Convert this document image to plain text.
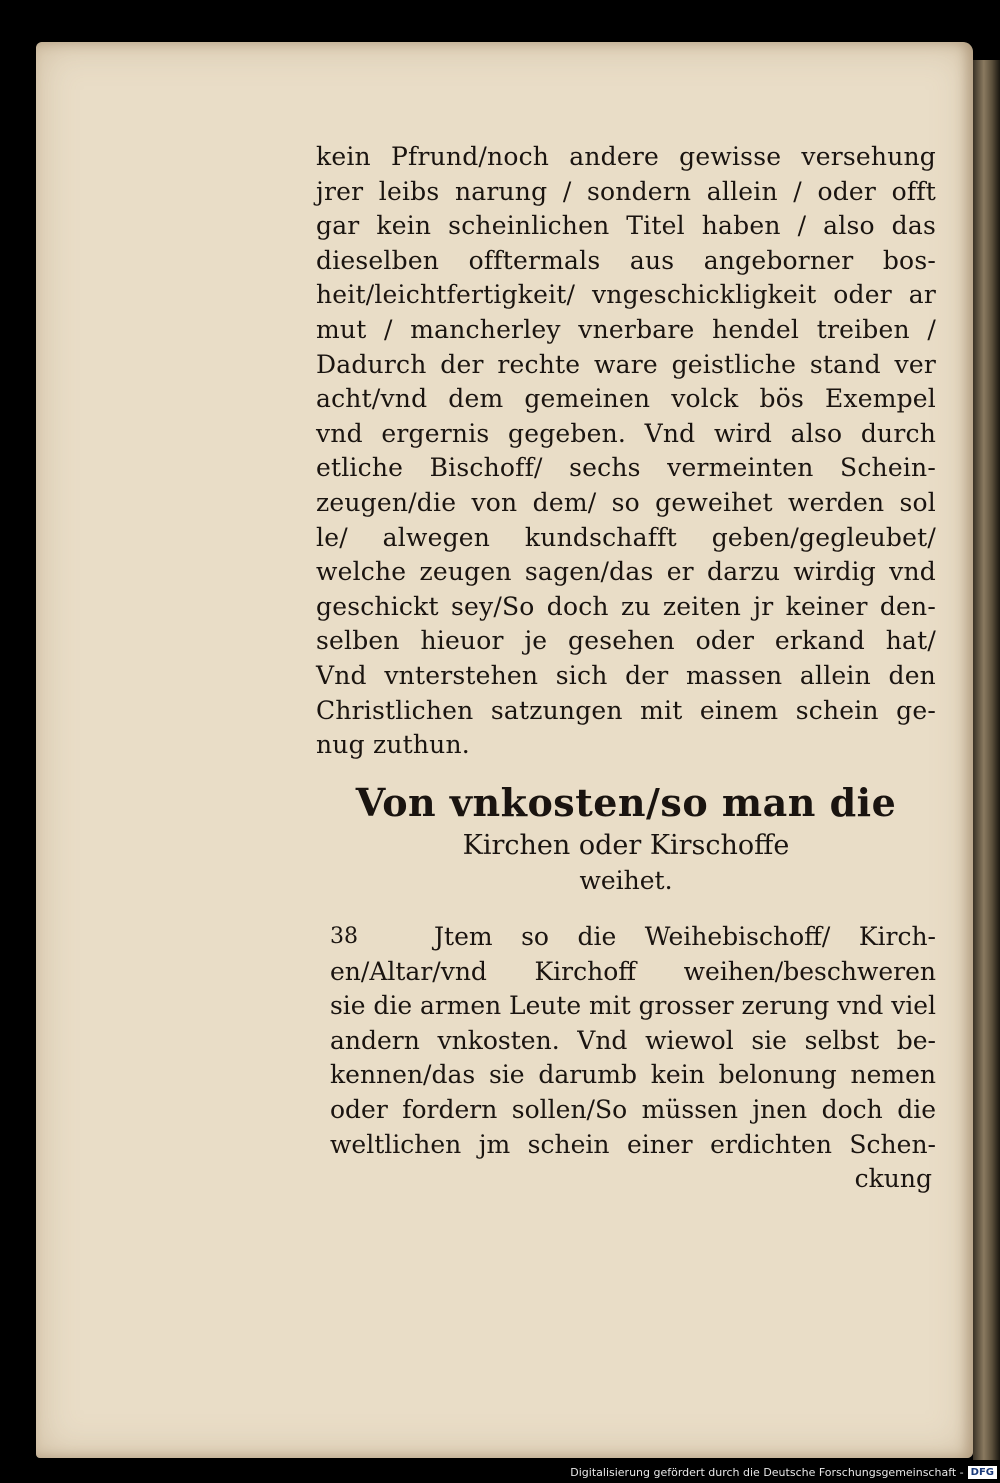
kein Pfrund/noch andere gewisse versehung
jrer leibs narung / sondern allein / oder offt
gar kein scheinlichen Titel haben / also das
dieselben offtermals aus angeborner bos-
heit/leichtfertigkeit/ vngeschickligkeit oder ar
mut / mancherley vnerbare hendel treiben /
Dadurch der rechte ware geistliche stand ver
acht/vnd dem gemeinen volck bös Exempel
vnd ergernis gegeben. Vnd wird also durch
etliche Bischoff/ sechs vermeinten Schein-
zeugen/die von dem/ so geweihet werden sol
le/ alwegen kundschafft geben/gegleubet/
welche zeugen sagen/das er darzu wirdig vnd
geschickt sey/So doch zu zeiten jr keiner den-
selben hieuor je gesehen oder erkand hat/
Vnd vnterstehen sich der massen allein den
Christlichen satzungen mit einem schein ge-
nug zuthun.
Von vnkosten/so man die
Kirchen oder Kirschoffe
weihet.
38	Jtem so die Weihebischoff/ Kirch-
en/Altar/vnd Kirchoff weihen/beschweren
sie die armen Leute mit grosser zerung vnd viel
andern vnkosten. Vnd wiewol sie selbst be-
kennen/das sie darumb kein belonung nemen
oder fordern sollen/So müssen jnen doch die
weltlichen jm schein einer erdichten Schen-
ckung
Digitalisierung gefördert durch die Deutsche Forschungsgemeinschaft - DFG
